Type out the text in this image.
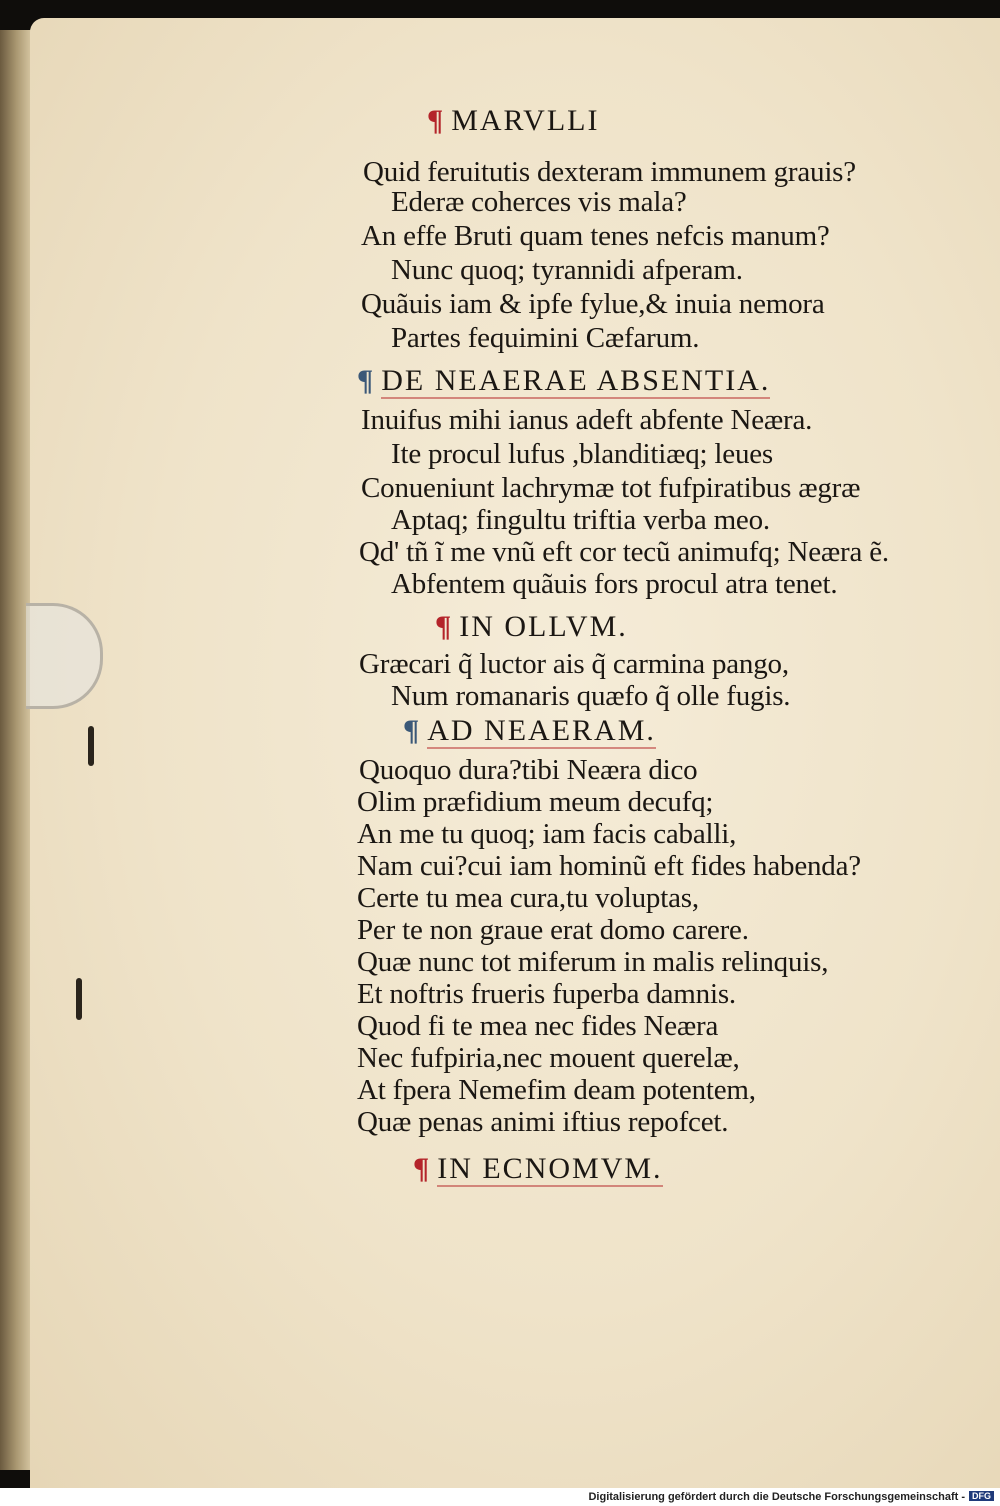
¶ MARVLLI
Quid feruitutis dexteram immunem grauis?
Ederæ coherces vis mala?
An effe Bruti quam tenes nefcis manum?
Nunc quoq; tyrannidi afperam.
Quãuis iam & ipfe fylue,& inuia nemora
Partes fequimini Cæfarum.
¶ DE NEAERAE ABSENTIA.
Inuifus mihi ianus adeft abfente Neæra.
Ite procul lufus ,blanditiæq; leues
Conueniunt lachrymæ tot fufpiratibus ægræ
Aptaq; fingultu triftia verba meo.
Qd' tñ ĩ me vnũ eft cor tecũ animufq; Neæra ẽ.
Abfentem quãuis fors procul atra tenet.
¶ IN OLLVM.
Græcari q̃ luctor ais q̃ carmina pango,
Num romanaris quæfo q̃ olle fugis.
¶ AD NEAERAM.
Quoquo dura?tibi Neæra dico
Olim præfidium meum decufq;
An me tu quoq; iam facis caballi,
Nam cui?cui iam hominũ eft fides habenda?
Certe tu mea cura,tu voluptas,
Per te non graue erat domo carere.
Quæ nunc tot miferum in malis relinquis,
Et noftris frueris fuperba damnis.
Quod fi te mea nec fides Neæra
Nec fufpiria,nec mouent querelæ,
At fpera Nemefim deam potentem,
Quæ penas animi iftius repofcet.
¶ IN ECNOMVM.
Digitalisierung gefördert durch die Deutsche Forschungsgemeinschaft - DFG
